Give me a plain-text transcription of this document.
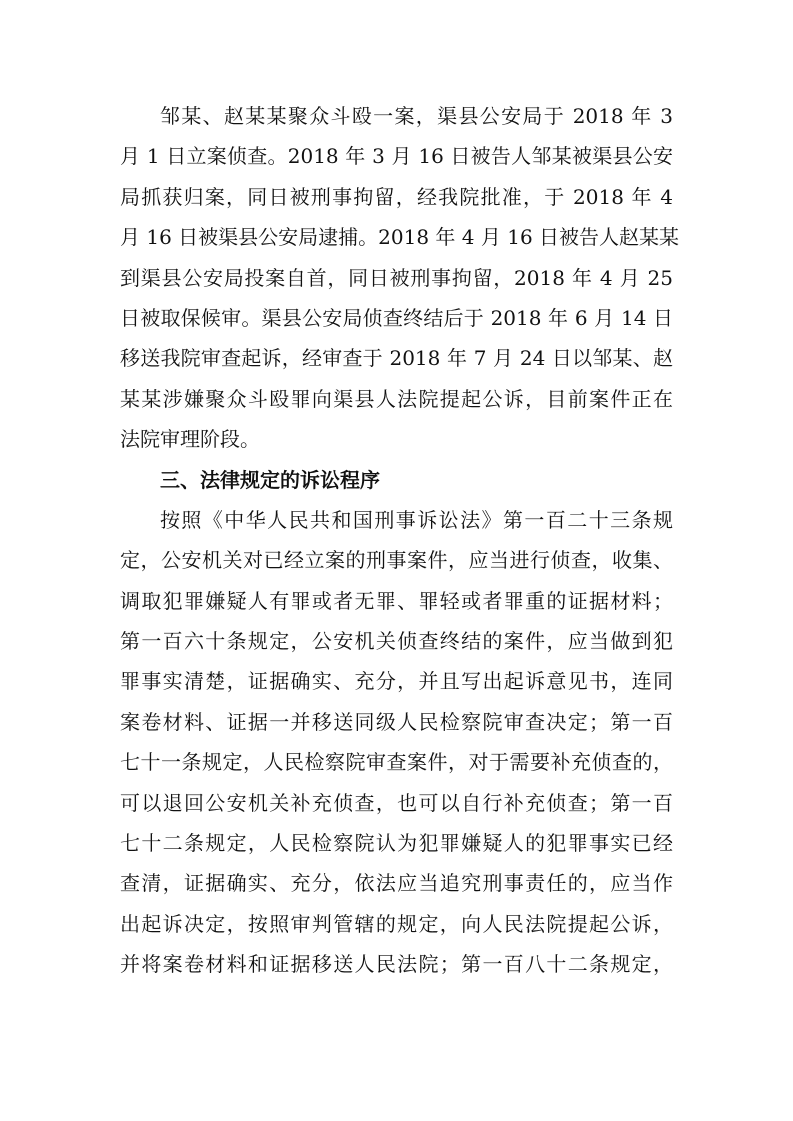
邹某、赵某某聚众斗殴一案，渠县公安局于 2018 年 3
月 1 日立案侦查。2018 年 3 月 16 日被告人邹某被渠县公安
局抓获归案，同日被刑事拘留，经我院批准，于 2018 年 4
月 16 日被渠县公安局逮捕。2018 年 4 月 16 日被告人赵某某
到渠县公安局投案自首，同日被刑事拘留，2018 年 4 月 25
日被取保候审。渠县公安局侦查终结后于 2018 年 6 月 14 日
移送我院审查起诉，经审查于 2018 年 7 月 24 日以邹某、赵
某某涉嫌聚众斗殴罪向渠县人法院提起公诉，目前案件正在
法院审理阶段。
三、法律规定的诉讼程序
按照《中华人民共和国刑事诉讼法》第一百二十三条规
定，公安机关对已经立案的刑事案件，应当进行侦查，收集、
调取犯罪嫌疑人有罪或者无罪、罪轻或者罪重的证据材料；
第一百六十条规定，公安机关侦查终结的案件，应当做到犯
罪事实清楚，证据确实、充分，并且写出起诉意见书，连同
案卷材料、证据一并移送同级人民检察院审查决定；第一百
七十一条规定，人民检察院审查案件，对于需要补充侦查的，
可以退回公安机关补充侦查，也可以自行补充侦查；第一百
七十二条规定，人民检察院认为犯罪嫌疑人的犯罪事实已经
查清，证据确实、充分，依法应当追究刑事责任的，应当作
出起诉决定，按照审判管辖的规定，向人民法院提起公诉，
并将案卷材料和证据移送人民法院；第一百八十二条规定，
